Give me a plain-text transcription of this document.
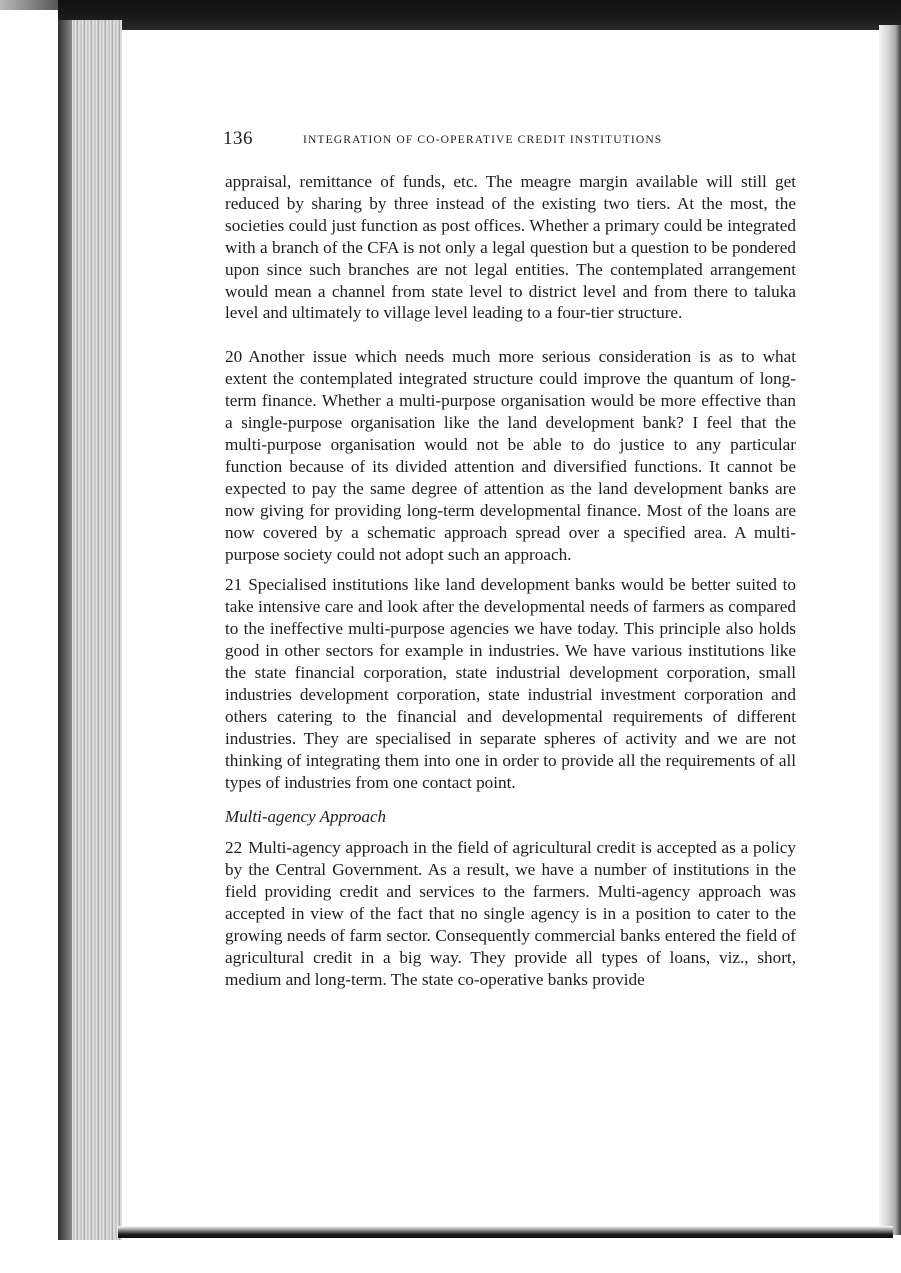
136	INTEGRATION OF CO-OPERATIVE CREDIT INSTITUTIONS

appraisal, remittance of funds, etc. The meagre margin available will still get reduced by sharing by three instead of the existing two tiers. At the most, the societies could just function as post offices. Whether a primary could be integrated with a branch of the CFA is not only a legal question but a question to be pondered upon since such branches are not legal entities. The contemplated arrangement would mean a channel from state level to district level and from there to taluka level and ultimately to village level leading to a four-tier structure.

20 Another issue which needs much more serious consideration is as to what extent the contemplated integrated structure could improve the quantum of long-term finance. Whether a multi-purpose organisation would be more effective than a single-purpose organisation like the land development bank? I feel that the multi-purpose organisation would not be able to do justice to any particular function because of its divided attention and diversified functions. It cannot be expected to pay the same degree of attention as the land development banks are now giving for providing long-term developmental finance. Most of the loans are now covered by a schematic approach spread over a specified area. A multi-purpose society could not adopt such an approach.

21 Specialised institutions like land development banks would be better suited to take intensive care and look after the developmental needs of farmers as compared to the ineffective multi-purpose agencies we have today. This principle also holds good in other sectors for example in industries. We have various institutions like the state financial corporation, state industrial development corporation, small industries development corporation, state industrial investment corporation and others catering to the financial and developmental requirements of different industries. They are specialised in separate spheres of activity and we are not thinking of integrating them into one in order to provide all the requirements of all types of industries from one contact point.

Multi-agency Approach

22 Multi-agency approach in the field of agricultural credit is accepted as a policy by the Central Government. As a result, we have a number of institutions in the field providing credit and services to the farmers. Multi-agency approach was accepted in view of the fact that no single agency is in a position to cater to the growing needs of farm sector. Consequently commercial banks entered the field of agricultural credit in a big way. They provide all types of loans, viz., short, medium and long-term. The state co-operative banks provide
